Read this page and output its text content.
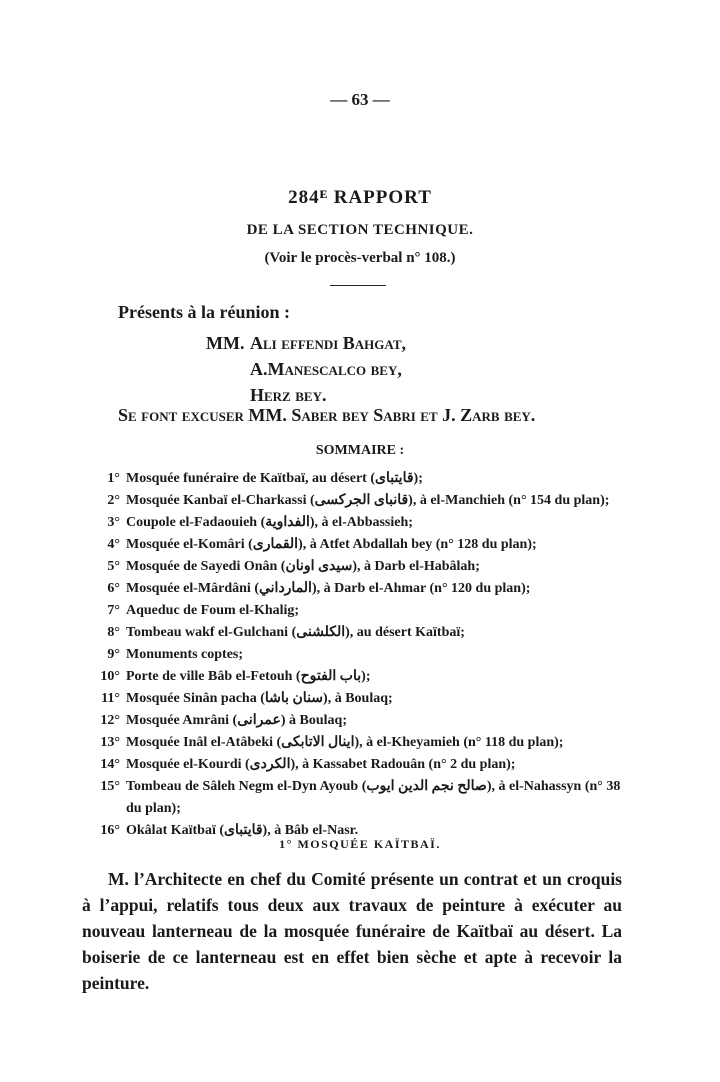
— 63 —
284ᴱ RAPPORT
DE LA SECTION TECHNIQUE.
(Voir le procès-verbal n° 108.)
Présents à la réunion :
MM. Ali effendi Bahgat,
A.Manescalco bey,
Herz bey.
Se font excuser MM. Saber bey Sabri et J. Zarb bey.
SOMMAIRE :
1° Mosquée funéraire de Kaïtbaï, au désert (قايتباى);
2° Mosquée Kanbaï el-Charkassi (قانباى الجركسى), à el-Manchieh (n° 154 du plan);
3° Coupole el-Fadaouieh (الفداوية), à el-Abbassieh;
4° Mosquée el-Komâri (القمارى), à Atfet Abdallah bey (n° 128 du plan);
5° Mosquée de Sayedi Onân (سيدى اونان), à Darb el-Habâlah;
6° Mosquée el-Mârdâni (المارداني), à Darb el-Ahmar (n° 120 du plan);
7° Aqueduc de Foum el-Khalig;
8° Tombeau wakf el-Gulchani (الكلشنى), au désert Kaïtbaï;
9° Monuments coptes;
10° Porte de ville Bâb el-Fetouh (باب الفتوح);
11° Mosquée Sinân pacha (سنان باشا), à Boulaq;
12° Mosquée Amrâni (عمرانى) à Boulaq;
13° Mosquée Inâl el-Atâbeki (اينال الاتابكى), à el-Kheyamieh (n° 118 du plan);
14° Mosquée el-Kourdi (الكردى), à Kassabet Radouân (n° 2 du plan);
15° Tombeau de Sâleh Negm el-Dyn Ayoub (صالح نجم الدين ايوب), à el-Nahassyn (n° 38 du plan);
16° Okâlat Kaïtbaï (قايتباى), à Bâb el-Nasr.
1° MOSQUÉE KAÏTBAÏ.
M. l’Architecte en chef du Comité présente un contrat et un croquis à l’appui, relatifs tous deux aux travaux de peinture à exécuter au nouveau lanterneau de la mosquée funéraire de Kaïtbaï au désert. La boiserie de ce lanterneau est en effet bien sèche et apte à recevoir la peinture.
